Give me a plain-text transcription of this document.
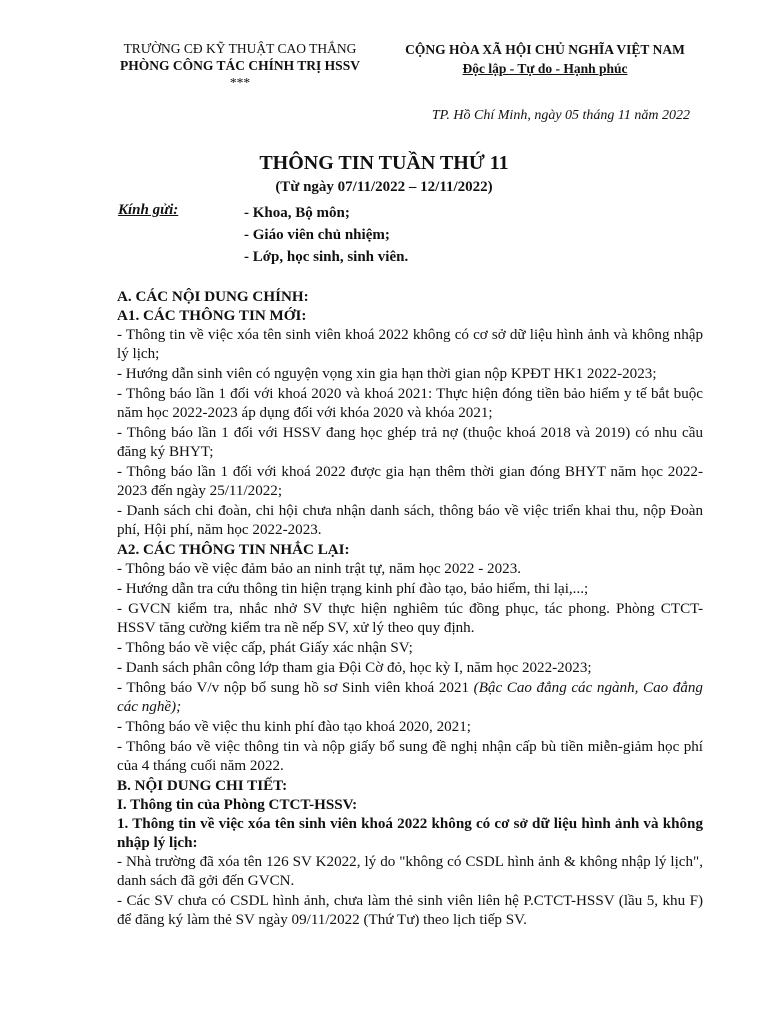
TRƯỜNG CĐ KỸ THUẬT CAO THẮNG
PHÒNG CÔNG TÁC CHÍNH TRỊ HSSV
***
CỘNG HÒA XÃ HỘI CHỦ NGHĨA VIỆT NAM
Độc lập - Tự do - Hạnh phúc
TP. Hồ Chí Minh, ngày 05 tháng 11 năm 2022
THÔNG TIN TUẦN THỨ 11
(Từ ngày 07/11/2022 – 12/11/2022)
Kính gửi:	- Khoa, Bộ môn;
- Giáo viên chủ nhiệm;
- Lớp, học sinh, sinh viên.

A. CÁC NỘI DUNG CHÍNH:

A1. CÁC THÔNG TIN MỚI:

- Thông tin về việc xóa tên sinh viên khoá 2022 không có cơ sở dữ liệu hình ảnh và không nhập lý lịch;

- Hướng dẫn sinh viên có nguyện vọng xin gia hạn thời gian nộp KPĐT HK1 2022-2023;

- Thông báo lần 1 đối với khoá 2020 và khoá 2021: Thực hiện đóng tiền bảo hiểm y tế bắt buộc năm học 2022-2023 áp dụng đối với khóa 2020 và khóa 2021;

- Thông báo lần 1 đối với HSSV đang học ghép trả nợ (thuộc khoá 2018 và 2019) có nhu cầu đăng ký BHYT;

- Thông báo lần 1 đối với khoá 2022 được gia hạn thêm thời gian đóng BHYT năm học 2022-2023 đến ngày 25/11/2022;

- Danh sách chi đoàn, chi hội chưa nhận danh sách, thông báo về việc triển khai thu, nộp Đoàn phí, Hội phí, năm học 2022-2023.

A2. CÁC THÔNG TIN NHẮC LẠI:

- Thông báo về việc đảm bảo an ninh trật tự, năm học 2022 - 2023.

- Hướng dẫn tra cứu thông tin hiện trạng kinh phí đào tạo, bảo hiểm, thi lại,...;

- GVCN kiểm tra, nhắc nhở SV thực hiện nghiêm túc đồng phục, tác phong. Phòng CTCT-HSSV tăng cường kiểm tra nề nếp SV, xử lý theo quy định.

- Thông báo về việc cấp, phát Giấy xác nhận SV;

- Danh sách phân công lớp tham gia Đội Cờ đỏ, học kỳ I, năm học 2022-2023;

- Thông báo V/v nộp bổ sung hồ sơ Sinh viên khoá 2021 (Bậc Cao đẳng các ngành, Cao đẳng các nghề);

- Thông báo về việc thu kinh phí đào tạo khoá 2020, 2021;

- Thông báo về việc thông tin và nộp giấy bổ sung đề nghị nhận cấp bù tiền miễn-giảm học phí của 4 tháng cuối năm 2022.

B. NỘI DUNG CHI TIẾT:

I. Thông tin của Phòng CTCT-HSSV:

1. Thông tin về việc xóa tên sinh viên khoá 2022 không có cơ sở dữ liệu hình ảnh và không nhập lý lịch:

- Nhà trường đã xóa tên 126 SV K2022, lý do "không có CSDL hình ảnh & không nhập lý lịch", danh sách đã gởi đến GVCN.

- Các SV chưa có CSDL hình ảnh, chưa làm thẻ sinh viên liên hệ P.CTCT-HSSV (lầu 5, khu F) để đăng ký làm thẻ SV ngày 09/11/2022 (Thứ Tư) theo lịch tiếp SV.
